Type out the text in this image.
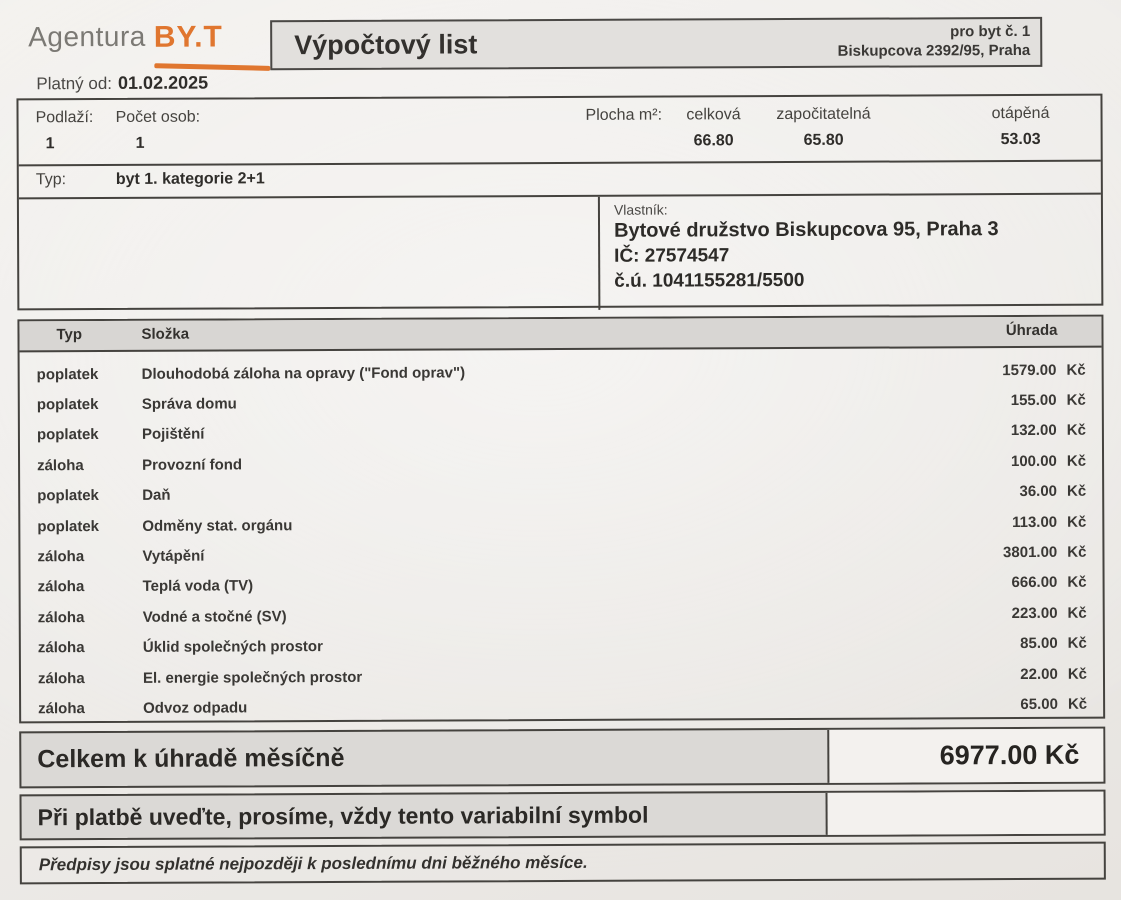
Agentura BY.T	Výpočtový list	pro byt č. 1
Biskupcova 2392/95, Praha
Platný od: 01.02.2025
Podlaží:
1
Počet osob:
1
Plocha m²:	celková
66.80
započitatelná
65.80
otápěná
53.03
Typ:	byt 1. kategorie 2+1
Vlastník:
Bytové družstvo Biskupcova 95, Praha 3
IČ: 27574547
č.ú. 1041155281/5500
Typ	Složka	Úhrada
poplatek	Dlouhodobá záloha na opravy ("Fond oprav")	1579.00 Kč
poplatek	Správa domu	155.00 Kč
poplatek	Pojištění	132.00 Kč
záloha	Provozní fond	100.00 Kč
poplatek	Daň	36.00 Kč
poplatek	Odměny stat. orgánu	113.00 Kč
záloha	Vytápění	3801.00 Kč
záloha	Teplá voda (TV)	666.00 Kč
záloha	Vodné a stočné (SV)	223.00 Kč
záloha	Úklid společných prostor	85.00 Kč
záloha	El. energie společných prostor	22.00 Kč
záloha	Odvoz odpadu	65.00 Kč
Celkem k úhradě měsíčně	6977.00 Kč
Při platbě uveďte, prosíme, vždy tento variabilní symbol
Předpisy jsou splatné nejpozději k poslednímu dni běžného měsíce.
